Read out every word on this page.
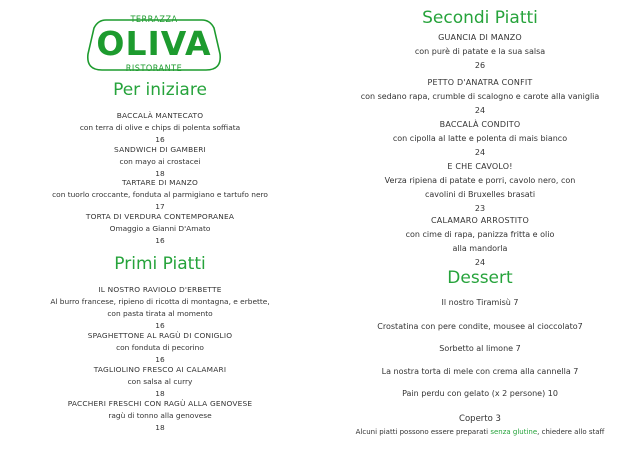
TERRAZZA
OLIVA
RISTORANTE
Per iniziare
BACCALÀ MANTECATO
con terra di olive e chips di polenta soffiata
16
SANDWICH DI GAMBERI
con mayo ai crostacei
18
TARTARE DI MANZO
con tuorlo croccante, fonduta al parmigiano e tartufo nero
17
TORTA DI VERDURA CONTEMPORANEA
Omaggio a Gianni D'Amato
16
Primi Piatti
IL NOSTRO RAVIOLO D'ERBETTE
Al burro francese, ripieno di ricotta di montagna, e erbette,
con pasta tirata al momento
16
SPAGHETTONE AL RAGÙ DI CONIGLIO
con fonduta di pecorino
16
TAGLIOLINO FRESCO AI CALAMARI
con salsa al curry
18
PACCHERI FRESCHI CON RAGÙ ALLA GENOVESE
ragù di tonno alla genovese
18
Secondi Piatti
GUANCIA DI MANZO
con purè di patate e la sua salsa
26
PETTO D'ANATRA CONFIT
con sedano rapa, crumble di scalogno e carote alla vaniglia
24
BACCALÀ CONDITO
con cipolla al latte e polenta di mais bianco
24
E CHE CAVOLO!
Verza ripiena di patate e porri, cavolo nero, con
cavolini di Bruxelles brasati
23
CALAMARO ARROSTITO
con cime di rapa, panizza fritta e olio
alla mandorla
24
Dessert
Il nostro Tiramisù 7
Crostatina con pere condite, mousee al cioccolato7
Sorbetto al limone 7
La nostra torta di mele con crema alla cannella 7
Pain perdu con gelato (x 2 persone) 10
Coperto 3
Alcuni piatti possono essere preparati senza glutine, chiedere allo staff
